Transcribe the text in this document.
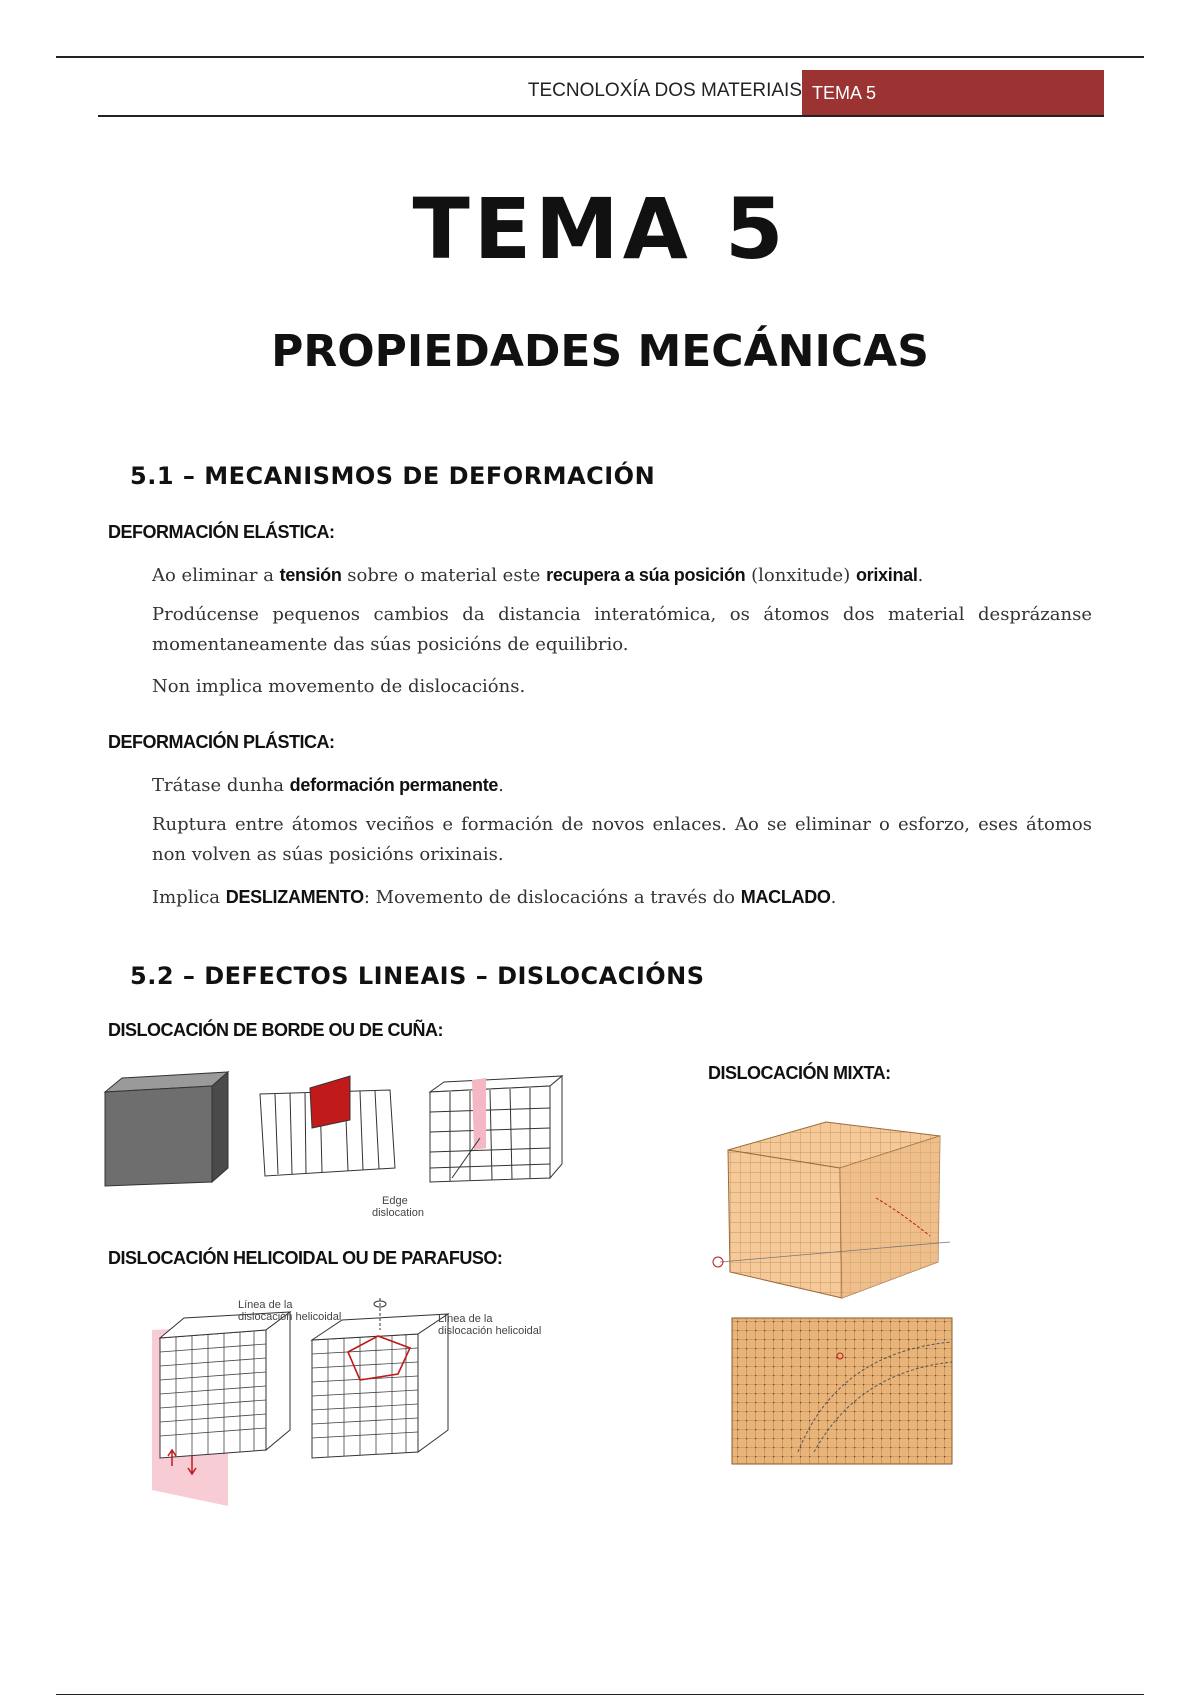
TECNOLOXÍA DOS MATERIAIS TEMA 5
TEMA 5
PROPIEDADES MECÁNICAS
5.1 – MECANISMOS DE DEFORMACIÓN
DEFORMACIÓN ELÁSTICA:
Ao eliminar a tensión sobre o material este recupera a súa posición (lonxitude) orixinal.
Prodúcense pequenos cambios da distancia interatómica, os átomos dos material desprázanse momentaneamente das súas posicións de equilibrio.
Non implica movemento de dislocacións.
DEFORMACIÓN PLÁSTICA:
Trátase dunha deformación permanente.
Ruptura entre átomos veciños e formación de novos enlaces. Ao se eliminar o esforzo, eses átomos non volven as súas posicións orixinais.
Implica DESLIZAMENTO: Movemento de dislocacións a través do MACLADO.
5.2 – DEFECTOS LINEAIS – DISLOCACIÓNS
DISLOCACIÓN DE BORDE OU DE CUÑA:
DISLOCACIÓN MIXTA:
DISLOCACIÓN HELICOIDAL OU DE PARAFUSO:
Edge
dislocation
Línea de la
dislocación helicoidal	Línea de la
dislocación helicoidal
